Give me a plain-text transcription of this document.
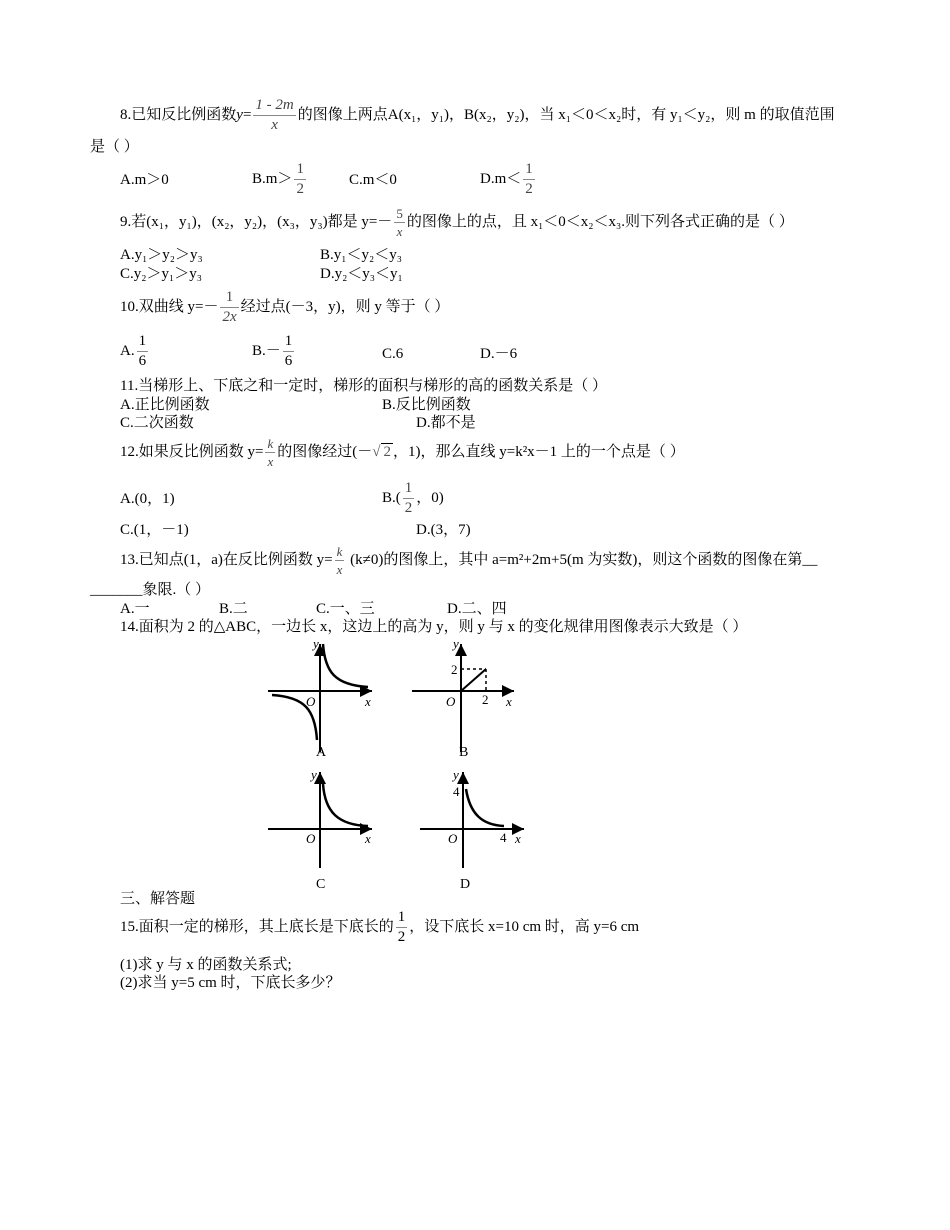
8.已知反比例函数$y= \frac{1 - 2m}{x}$ 的图像上两点A(x₁，y₁)，B(x₂，y₂)，当 x₁＜0＜x₂时，有 y₁＜y₂，则 m 的取值范围
是（ ）
A.m＞0	$B.m> \frac{1}{2}$	C.m＜0	$D.m< \frac{1}{2}$
9.若(x₁，y₁)，(x₂，y₂)，(x₃，y₃)都是 $y=- \frac{5}{x}$ 的图像上的点，且 x₁＜0＜x₂＜x₃.则下列各式正确的是（ ）
A.y₁＞y₂＞y₃	B.y₁＜y₂＜y₃
C.y₂＞y₁＞y₃	D.y₂＜y₃＜y₁
10.双曲线 $y=- \frac{1}{2x}$ 经过点(－3，y)，则 y 等于（ ）
A. $\frac{1}{6}$	$B.- \frac{1}{6}$	C.6	D.－6
11.当梯形上、下底之和一定时，梯形的面积与梯形的高的函数关系是（ ）
A.正比例函数	B.反比例函数
C.二次函数	D.都不是
12.如果反比例函数 $y= \frac{k}{x}$ 的图像经过(－√ 2 ，1)，那么直线 y=k²x－1 上的一个点是（ ）
A.(0，1)	$B.( \frac{1}{2}$ ，0)
C.(1，－1)	D.(3，7)
13.已知点(1，a)在反比例函数 $y= \frac{k}{x} (k\ne 0)$的图像上，其中 a=m²+2m+5(m 为实数)，则这个函数的图像在第__
_______象限.（ ）
A.一	B.二	C.一、三	D.二、四
14.面积为 2 的△ABC，一边长 x，这边上的高为 y，则 y 与 x 的变化规律用图像表示大致是（ ）
y
O	x
A
y
2
2
O	x
B
y
O	x
C
y
4
4
O	x
D
三、解答题
15.面积一定的梯形，其上底长是下底长的 $\frac{1}{2}$ ，设下底长 x=10 cm 时，高 y=6 cm
(1)求 y 与 x 的函数关系式;
(2)求当 y=5 cm 时，下底长多少？
